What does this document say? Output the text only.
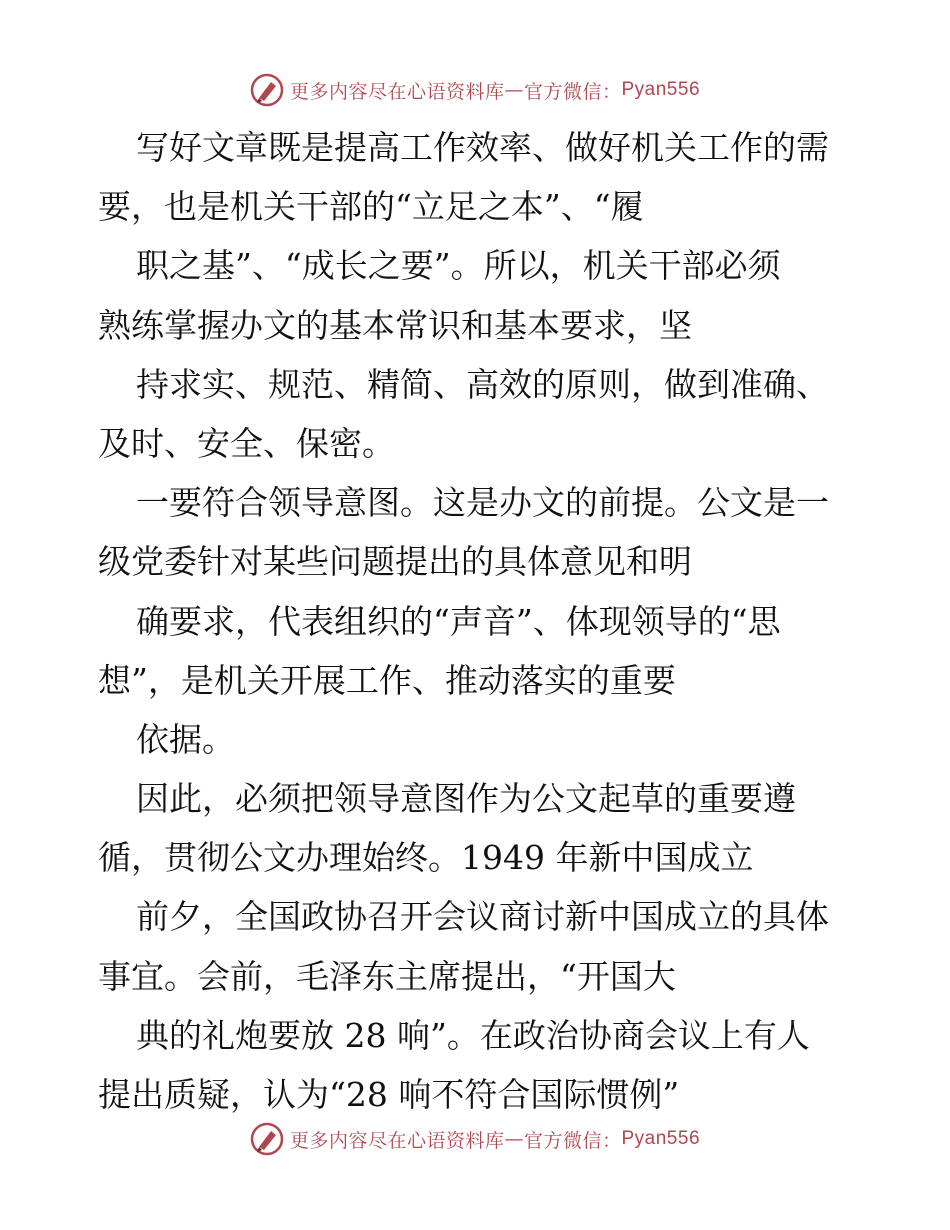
更多内容尽在心语资料库 — 官方微信： Pyan556
写好文章既是提高工作效率、做好机关工作的需
要，也是机关干部的“立足之本”、“履
职之基”、“成长之要”。所以，机关干部必须
熟练掌握办文的基本常识和基本要求，坚
持求实、规范、精简、高效的原则，做到准确、
及时、安全、保密。
一要符合领导意图。这是办文的前提。公文是一
级党委针对某些问题提出的具体意见和明
确要求，代表组织的“声音”、体现领导的“思
想”，是机关开展工作、推动落实的重要
依据。
因此，必须把领导意图作为公文起草的重要遵
循，贯彻公文办理始终。1949 年新中国成立
前夕，全国政协召开会议商讨新中国成立的具体
事宜。会前，毛泽东主席提出，“开国大
典的礼炮要放 28 响”。在政治协商会议上有人
提出质疑，认为“28 响不符合国际惯例”
更多内容尽在心语资料库 — 官方微信： Pyan556
